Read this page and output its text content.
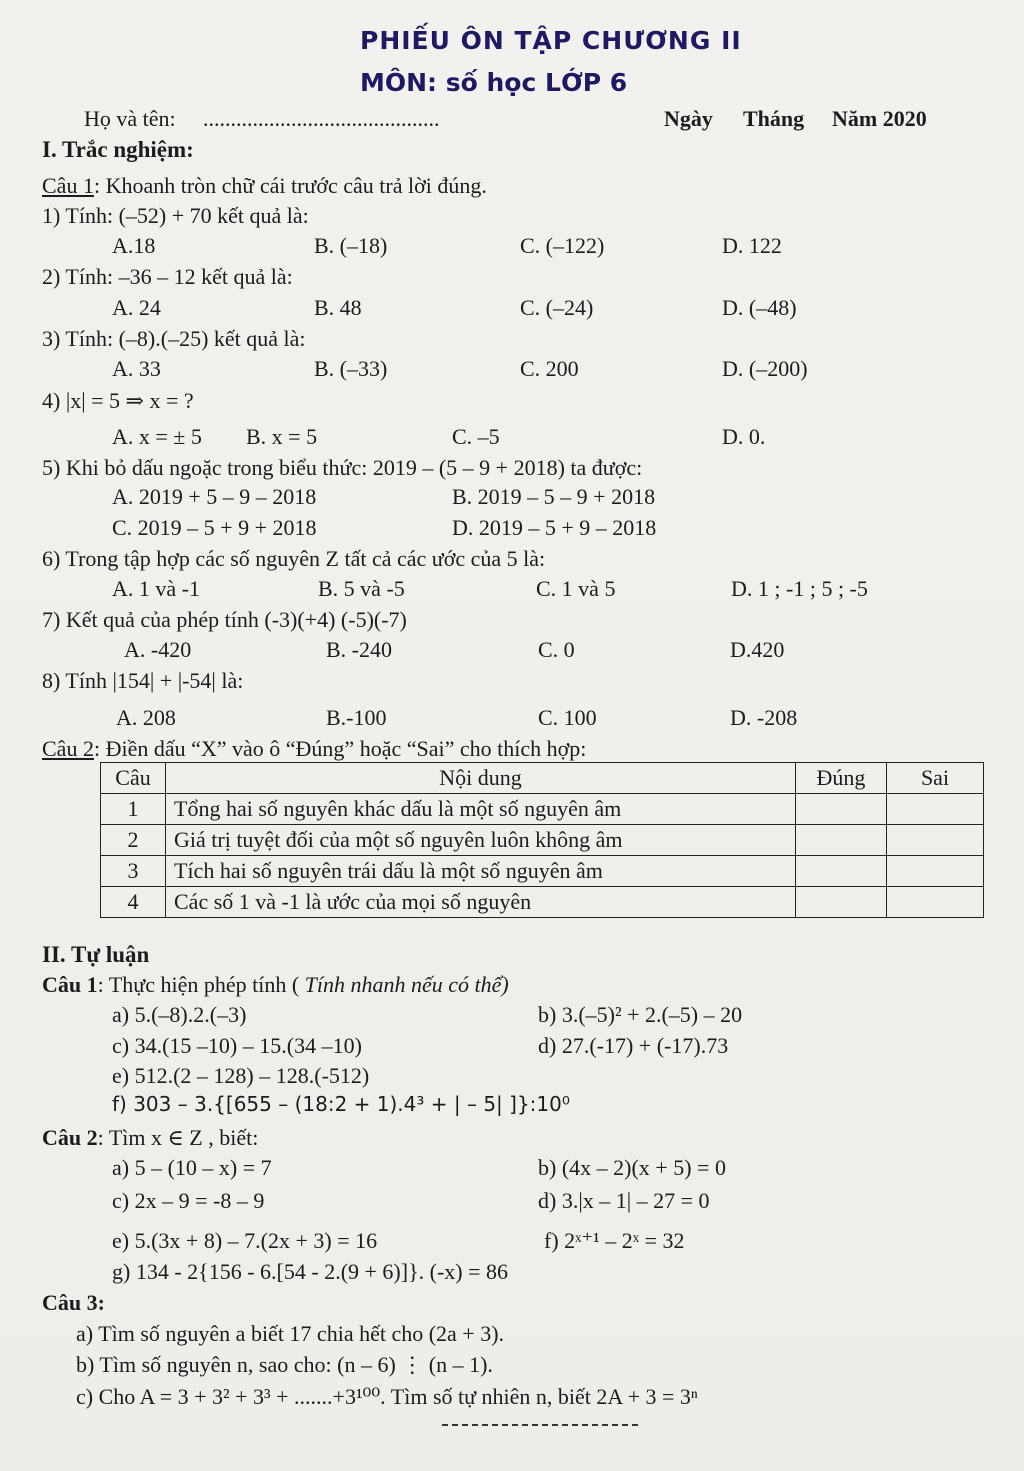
PHIẾU ÔN TẬP CHƯƠNG II
MÔN: số học LỚP 6
Họ và tên: ...........................................	Ngày Tháng Năm 2020
I. Trắc nghiệm:
Câu 1: Khoanh tròn chữ cái trước câu trả lời đúng.
1) Tính: (–52) + 70 kết quả là:
A.18	B. (–18)	C. (–122)	D. 122
2) Tính: –36 – 12 kết quả là:
A. 24	B. 48	C. (–24)	D. (–48)
3) Tính: (–8).(–25) kết quả là:
A. 33	B. (–33)	C. 200	D. (–200)
4) |x| = 5 ⇒ x = ?
A. x = ± 5 B. x = 5	C. –5	D. 0.
5) Khi bỏ dấu ngoặc trong biểu thức: 2019 – (5 – 9 + 2018) ta được:
A. 2019 + 5 – 9 – 2018	B. 2019 – 5 – 9 + 2018
C. 2019 – 5 + 9 + 2018	D. 2019 – 5 + 9 – 2018
6) Trong tập hợp các số nguyên Z tất cả các ước của 5 là:
A. 1 và -1	B. 5 và -5	C. 1 và 5	D. 1 ; -1 ; 5 ; -5
7) Kết quả của phép tính (-3)(+4) (-5)(-7)
A. -420	B. -240	C. 0	D.420
8) Tính |154| + |-54| là:
A. 208	B.-100	C. 100	D. -208
Câu 2: Điền dấu “X” vào ô “Đúng” hoặc “Sai” cho thích hợp:
Câu	Nội dung	Đúng	Sai
1	Tổng hai số nguyên khác dấu là một số nguyên âm		
2	Giá trị tuyệt đối của một số nguyên luôn không âm		
3	Tích hai số nguyên trái dấu là một số nguyên âm		
4	Các số 1 và -1 là ước của mọi số nguyên		
II. Tự luận
Câu 1: Thực hiện phép tính ( Tính nhanh nếu có thể)
a) 5.(–8).2.(–3)	b) 3.(–5)² + 2.(–5) – 20
c) 34.(15 –10) – 15.(34 –10)	d) 27.(-17) + (-17).73
e) 512.(2 – 128) – 128.(-512)
f) 303 – 3.{[655 – (18:2 + 1).4³ + | – 5| ]}:10⁰
Câu 2: Tìm x ∈ Z , biết:
a) 5 – (10 – x) = 7	b) (4x – 2)(x + 5) = 0
c) 2x – 9 = -8 – 9	d) 3.|x – 1| – 27 = 0
e) 5.(3x + 8) – 7.(2x + 3) = 16	f) 2ˣ⁺¹ – 2ˣ = 32
g) 134 - 2{156 - 6.[54 - 2.(9 + 6)]}. (-x) = 86
Câu 3:
a) Tìm số nguyên a biết 17 chia hết cho (2a + 3).
b) Tìm số nguyên n, sao cho: (n – 6) ⋮ (n – 1).
c) Cho A = 3 + 3² + 3³ + .......+3¹⁰⁰. Tìm số tự nhiên n, biết 2A + 3 = 3ⁿ
